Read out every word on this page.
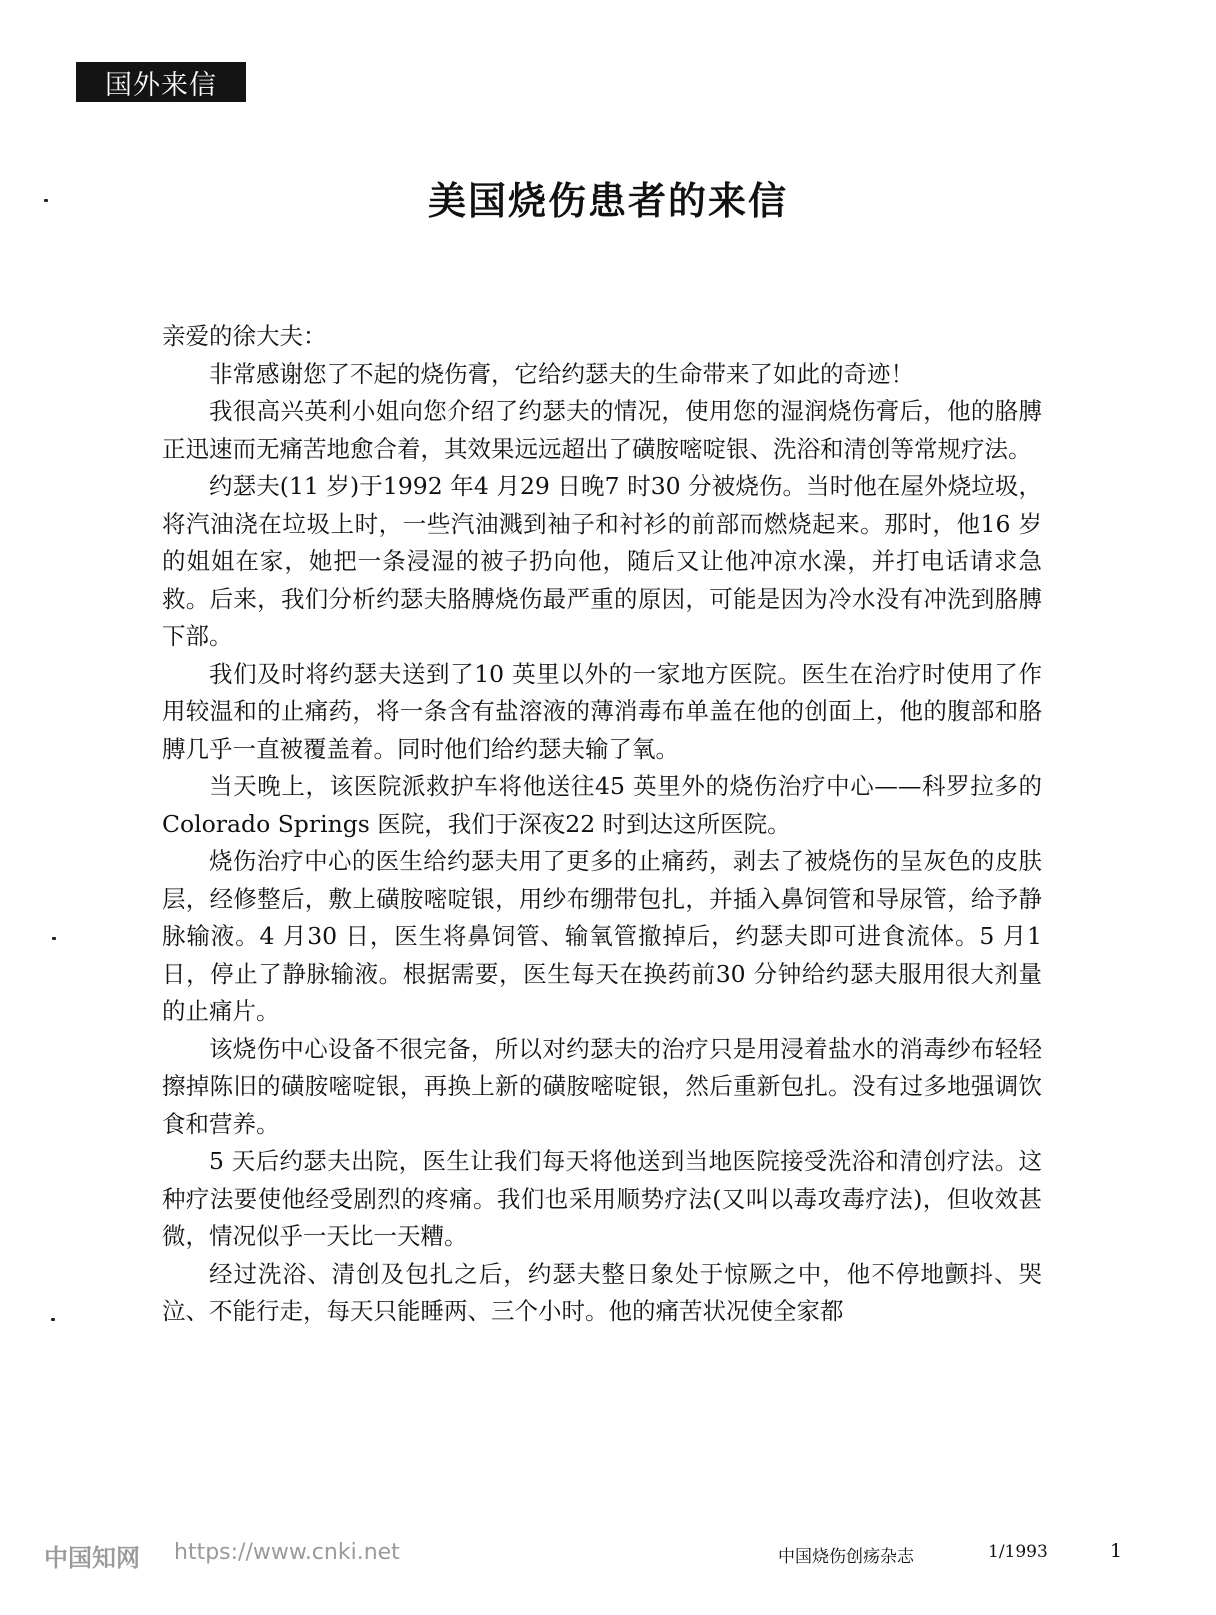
国外来信
美国烧伤患者的来信

亲爱的徐大夫：

非常感谢您了不起的烧伤膏，它给约瑟夫的生命带来了如此的奇迹！

我很高兴英利小姐向您介绍了约瑟夫的情况，使用您的湿润烧伤膏后，他的胳膊正迅速而无痛苦地愈合着，其效果远远超出了磺胺嘧啶银、洗浴和清创等常规疗法。

约瑟夫(11 岁)于1992 年4 月29 日晚7 时30 分被烧伤。当时他在屋外烧垃圾，将汽油浇在垃圾上时，一些汽油溅到袖子和衬衫的前部而燃烧起来。那时，他16 岁的姐姐在家，她把一条浸湿的被子扔向他，随后又让他冲凉水澡，并打电话请求急救。后来，我们分析约瑟夫胳膊烧伤最严重的原因，可能是因为冷水没有冲洗到胳膊下部。

我们及时将约瑟夫送到了10 英里以外的一家地方医院。医生在治疗时使用了作用较温和的止痛药，将一条含有盐溶液的薄消毒布单盖在他的创面上，他的腹部和胳膊几乎一直被覆盖着。同时他们给约瑟夫输了氧。

当天晚上，该医院派救护车将他送往45 英里外的烧伤治疗中心——科罗拉多的Colorado Springs 医院，我们于深夜22 时到达这所医院。

烧伤治疗中心的医生给约瑟夫用了更多的止痛药，剥去了被烧伤的呈灰色的皮肤层，经修整后，敷上磺胺嘧啶银，用纱布绷带包扎，并插入鼻饲管和导尿管，给予静脉输液。4 月30 日，医生将鼻饲管、输氧管撤掉后，约瑟夫即可进食流体。5 月1 日，停止了静脉输液。根据需要，医生每天在换药前30 分钟给约瑟夫服用很大剂量的止痛片。

该烧伤中心设备不很完备，所以对约瑟夫的治疗只是用浸着盐水的消毒纱布轻轻擦掉陈旧的磺胺嘧啶银，再换上新的磺胺嘧啶银，然后重新包扎。没有过多地强调饮食和营养。

5 天后约瑟夫出院，医生让我们每天将他送到当地医院接受洗浴和清创疗法。这种疗法要使他经受剧烈的疼痛。我们也采用顺势疗法(又叫以毒攻毒疗法)，但收效甚微，情况似乎一天比一天糟。

经过洗浴、清创及包扎之后，约瑟夫整日象处于惊厥之中，他不停地颤抖、哭泣、不能行走，每天只能睡两、三个小时。他的痛苦状况使全家都

中国知网 https://www.cnki.net	中国烧伤创疡杂志	1/1993	1
